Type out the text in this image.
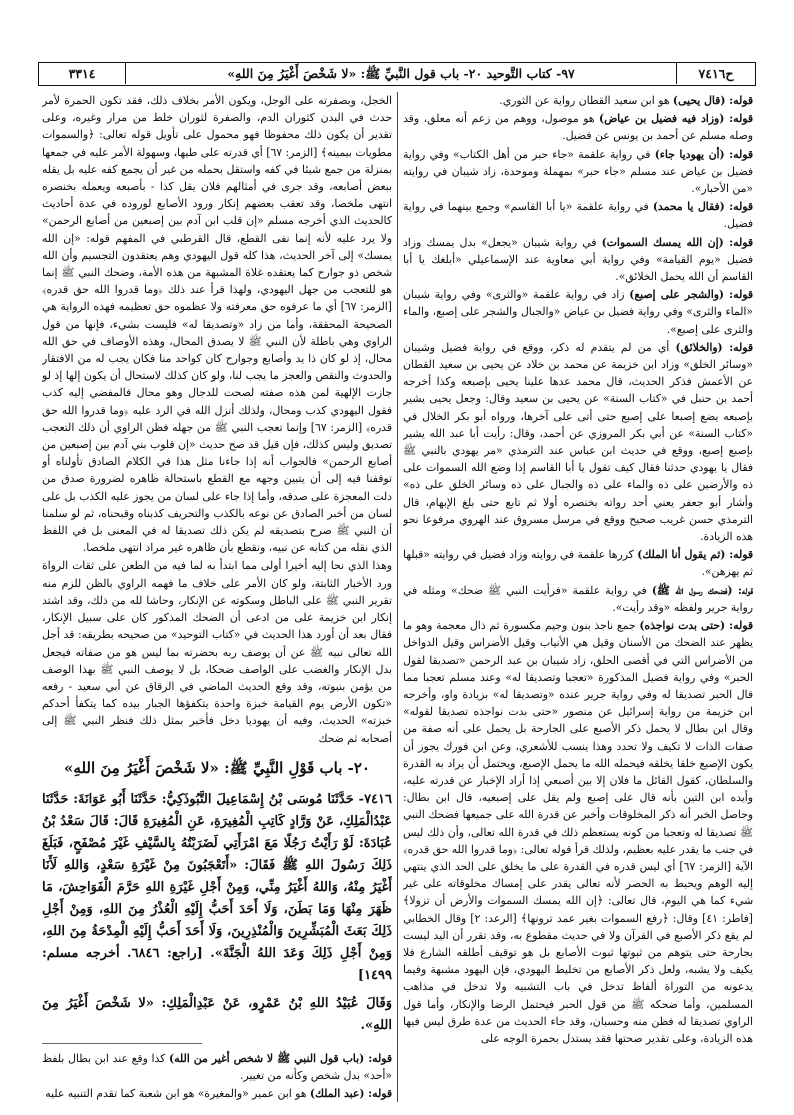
ح٧٤١٦
٩٧- كتاب التَّوحيد ٢٠- باب قول النَّبيِّ ﷺ: «لا شَخْصَ أَغْيَرُ مِنَ اللهِ»
٣٣١٤

قوله: (قال يحيى) هو ابن سعيد القطان رواية عن الثوري.

قوله: (وزاد فيه فضيل بن عياض) هو موصول، ووهم من زعم أنه معلق، وقد وصله مسلم عن أحمد بن يونس عن فضيل.

قوله: (أن يهوديا جاء) في رواية علقمة «جاء حبر من أهل الكتاب» وفي رواية فضيل بن عياض عند مسلم «جاء حبر» بمهملة وموحدة، زاد شيبان في روايته «من الأحبار».

قوله: (فقال يا محمد) في رواية علقمة «يا أبا القاسم» وجمع بينهما في رواية فضيل.

قوله: (إن الله يمسك السموات) في رواية شيبان «يجعل» بدل يمسك وزاد فضيل «يوم القيامة» وفي رواية أبي معاوية عند الإسماعيلي «أبلغك يا أبا القاسم أن الله يحمل الخلائق».

قوله: (والشجر على إصبع) زاد في رواية علقمة «والثرى» وفي رواية شيبان «الماء والثرى» وفي رواية فضيل بن عياض «والجبال والشجر على إصبع، والماء والثرى على إصبع».

قوله: (والخلائق) أي من لم يتقدم له ذكر، ووقع في رواية فضيل وشيبان «وسائر الخلق» وزاد ابن خزيمة عن محمد بن خلاد عن يحيى بن سعيد القطان عن الأعمش فذكر الحديث، قال محمد عدها علينا يحيى بإصبعه وكذا أخرجه أحمد بن حنبل في «كتاب السنة» عن يحيى بن سعيد وقال: وجعل يحيى يشير بإصبعه يضع إصبعا على إصبع حتى أتى على آخرها، ورواه أبو بكر الخلال في «كتاب السنة» عن أبي بكر المروزي عن أحمد، وقال: رأيت أبا عبد الله يشير بإصبع إصبع، ووقع في حديث ابن عباس عند الترمذي «مر يهودي بالنبي ﷺ فقال يا يهودي حدثنا فقال كيف تقول يا أبا القاسم إذا وضع الله السموات على ذه والأرضين على ذه والماء على ذه والجبال على ذه وسائر الخلق على ذه» وأشار أبو جعفر يعني أحد رواته بخنصره أولا ثم تابع حتى بلغ الإبهام، قال الترمذي حسن غريب صحيح ووقع في مرسل مسروق عند الهروي مرفوعا نحو هذه الزيادة.

قوله: (ثم يقول أنا الملك) كررها علقمة في روايته وزاد فضيل في روايته «قبلها ثم يهزهن».

قوله: (فضحك رسول الله ﷺ) في رواية علقمة «فرأيت النبي ﷺ ضحك» ومثله في رواية جرير ولفظه «وقد رأيت».

قوله: (حتى بدت نواجذه) جمع ناجذ بنون وجيم مكسورة ثم ذال معجمة وهو ما يظهر عند الضحك من الأسنان وقيل هي الأنياب وقيل الأضراس وقيل الدواخل من الأضراس التي في أقصى الحلق، زاد شيبان بن عبد الرحمن «تصديقا لقول الحبر» وفي رواية فضيل المذكورة «تعجبا وتصديقا له» وعند مسلم تعجبا مما قال الحبر تصديقا له وفي رواية جرير عنده «وتصديقا له» بزيادة واو، وأخرجه ابن خزيمة من رواية إسرائيل عن منصور «حتى بدت نواجذه تصديقا لقوله» وقال ابن بطال لا يحمل ذكر الأصبع على الجارحة بل يحمل على أنه صفة من صفات الذات لا تكيف ولا تحدد وهذا ينسب للأشعري، وعن ابن فورك يجوز أن يكون الإصبع خلقا يخلقه فيحمله الله ما يحمل الإصبع، ويحتمل أن يراد به القدرة والسلطان، كقول القائل ما فلان إلا بين أصبعي إذا أراد الإخبار عن قدرته عليه، وأيده ابن التين بأنه قال على إصبع ولم يقل على إصبعيه، قال ابن بطال: وحاصل الخبر أنه ذكر المخلوقات وأخبر عن قدرة الله على جميعها فضحك النبي ﷺ تصديقا له وتعجبا من كونه يستعظم ذلك في قدرة الله تعالى، وأن ذلك ليس في جنب ما يقدر عليه بعظيم، ولذلك قرأ قوله تعالى: ﴿وما قدروا الله حق قدره﴾ الآية [الزمر: ٦٧] أي ليس قدره في القدرة على ما يخلق على الحد الذي ينتهي إليه الوهم ويحيط به الحصر لأنه تعالى يقدر على إمساك مخلوقاته على غير شيء كما هي اليوم، قال تعالى: ﴿إن الله يمسك السموات والأرض أن تزولا﴾ [فاطر: ٤١] وقال: ﴿رفع السموات بغير عمد ترونها﴾ [الرعد: ٢] وقال الخطابي لم يقع ذكر الأصبع في القرآن ولا في حديث مقطوع به، وقد تقرر أن اليد ليست بجارحة حتى يتوهم من ثبوتها ثبوت الأصابع بل هو توقيف أطلقه الشارع فلا يكيف ولا يشبه، ولعل ذكر الأصابع من تخليط اليهودي، فإن اليهود مشبهة وفيما يدعونه من التوراة ألفاظ تدخل في باب التشبيه ولا تدخل في مذاهب المسلمين، وأما ضحكه ﷺ من قول الحبر فيحتمل الرضا والإنكار، وأما قول الراوي تصديقا له فظن منه وحسبان، وقد جاء الحديث من عدة طرق ليس فيها هذه الزيادة، وعلى تقدير صحتها فقد يستدل بحمرة الوجه على

الخجل، وبصفرته على الوجل، ويكون الأمر بخلاف ذلك، فقد تكون الحمرة لأمر حدث في البدن كثوران الدم، والصفرة لثوران خلط من مرار وغيره، وعلى تقدير أن يكون ذلك محفوظا فهو محمول على تأويل قوله تعالى: ﴿والسموات مطويات بيمينه﴾ [الزمر: ٦٧] أي قدرته على طيها، وسهولة الأمر عليه في جمعها بمنزلة من جمع شيئا في كفه واستقل بحمله من غير أن يجمع كفه عليه بل يقله ببعض أصابعه، وقد جرى في أمثالهم فلان يقل كذا - بأصبعه ويعمله بخنصره انتهى ملخصا، وقد تعقب بعضهم إنكار ورود الأصابع لوروده في عدة أحاديث كالحديث الذي أخرجه مسلم «إن قلب ابن آدم بين إصبعين من أصابع الرحمن» ولا يرد عليه لأنه إنما نفى القطع، قال القرطبي في المفهم قوله: «إن الله يمسك» إلى آخر الحديث، هذا كله قول اليهودي وهم يعتقدون التجسيم وأن الله شخص ذو جوارح كما يعتقده غلاة المشبهة من هذه الأمة، وضحك النبي ﷺ إنما هو للتعجب من جهل اليهودي، ولهذا قرأ عند ذلك ﴿وما قدروا الله حق قدره﴾ [الزمر: ٦٧] أي ما عرفوه حق معرفته ولا عظموه حق تعظيمه فهذه الرواية هي الصحيحة المحققة، وأما من زاد «وتصديقا له» فليست بشيء، فإنها من قول الراوي وهي باطلة لأن النبي ﷺ لا يصدق المحال، وهذه الأوصاف في حق الله محال، إذ لو كان ذا يد وأصابع وجوارح كان كواحد منا فكان يجب له من الافتقار والحدوث والنقص والعجز ما يجب لنا، ولو كان كذلك لاستحال أن يكون إلها إذ لو جازت الإلهية لمن هذه صفته لصحت للدجال وهو محال فالمفضي إليه كذب فقول اليهودي كذب ومحال، ولذلك أنزل الله في الرد عليه ﴿وما قدروا الله حق قدره﴾ [الزمر: ٦٧] وإنما تعجب النبي ﷺ من جهله فظن الراوي أن ذلك التعجب تصديق وليس كذلك، فإن قيل قد صح حديث «إن قلوب بني آدم بين إصبعين من أصابع الرحمن» فالجواب أنه إذا جاءنا مثل هذا في الكلام الصادق تأولناه أو توقفنا فيه إلى أن يتبين وجهه مع القطع باستحالة ظاهره لضرورة صدق من دلت المعجزة على صدقه، وأما إذا جاء على لسان من يجوز عليه الكذب بل على لسان من أخبر الصادق عن نوعه بالكذب والتحريف كذبناه وقبحناه، ثم لو سلمنا أن النبي ﷺ صرح بتصديقه لم يكن ذلك تصديقا له في المعنى بل في اللفظ الذي نقله من كتابه عن نبيه، ونقطع بأن ظاهره غير مراد انتهى ملخصا.

وهذا الذي نحا إليه أخيرا أولى مما ابتدأ به لما فيه من الطعن على ثقات الرواة ورد الأخبار الثابتة، ولو كان الأمر على خلاف ما فهمه الراوي بالظن للزم منه تقرير النبي ﷺ على الباطل وسكوته عن الإنكار، وحاشا لله من ذلك، وقد اشتد إنكار ابن خزيمة على من ادعى أن الضحك المذكور كان على سبيل الإنكار، فقال بعد أن أورد هذا الحديث في «كتاب التوحيد» من صحيحه بطريقه: قد أجل الله تعالى نبيه ﷺ عن أن يوصف ربه بحضرته بما ليس هو من صفاته فيجعل بدل الإنكار والغضب على الواصف ضحكا، بل لا يوصف النبي ﷺ بهذا الوصف من يؤمن بنبوته، وقد وقع الحديث الماضي في الرقاق عن أبي سعيد - رفعه «تكون الأرض يوم القيامة خبزة واحدة يتكفؤها الجبار بيده كما يتكفأ أحدكم خبزته» الحديث، وفيه أن يهوديا دخل فأخبر بمثل ذلك فنظر النبي ﷺ إلى أصحابه ثم ضحك

٢٠- باب قَوْلِ النَّبِيِّ ﷺ: «لا شَخْصَ أَغْيَرُ مِنَ اللهِ»

٧٤١٦- حَدَّثَنَا مُوسَى بْنُ إِسْمَاعِيلَ التَّبُوذَكِيُّ: حَدَّثَنَا أَبُو عَوَانَةَ: حَدَّثَنَا عَبْدُالْمَلِكِ، عَنْ وَرَّادٍ كَاتِبِ الْمُغِيرَةِ، عَنِ الْمُغِيرَةِ قَالَ: قَالَ سَعْدُ بْنُ عُبَادَةَ: لَوْ رَأَيْتُ رَجُلًا مَعَ امْرَأَتِي لَضَرَبْتُهُ بِالسَّيْفِ غَيْرَ مُصْفَحٍ، فَبَلَغَ ذَلِكَ رَسُولَ اللهِ ﷺ فَقَالَ: «أَتَعْجَبُونَ مِنْ غَيْرَةِ سَعْدٍ، وَاللهِ لَأَنَا أَغْيَرُ مِنْهُ، وَاللهُ أَغْيَرُ مِنِّي، وَمِنْ أَجْلِ غَيْرَةِ اللهِ حَرَّمَ الْفَوَاحِشَ، مَا ظَهَرَ مِنْهَا وَمَا بَطَنَ، وَلَا أَحَدَ أَحَبُّ إِلَيْهِ الْعُذْرُ مِنَ اللهِ، وَمِنْ أَجْلِ ذَلِكَ بَعَثَ الْمُبَشِّرِينَ وَالْمُنْذِرِينَ، وَلَا أَحَدَ أَحَبُّ إِلَيْهِ الْمِدْحَةُ مِنَ اللهِ، وَمِنْ أَجْلِ ذَلِكَ وَعَدَ اللهُ الْجَنَّةَ». [راجع: ٦٨٤٦. أخرجه مسلم: ١٤٩٩]

وَقَالَ عُبَيْدُ اللهِ بْنُ عَمْرٍو، عَنْ عَبْدِالْمَلِكِ: «لا شَخْصَ أَغْيَرُ مِنَ اللهِ».

قوله: (باب قول النبي ﷺ لا شخص أغير من الله) كذا وقع عند ابن بطال بلفظ «أحد» بدل شخص وكأنه من تغيير.

قوله: (عبد الملك) هو ابن عمير «والمغيرة» هو ابن شعبة كما تقدم التنبيه عليه
